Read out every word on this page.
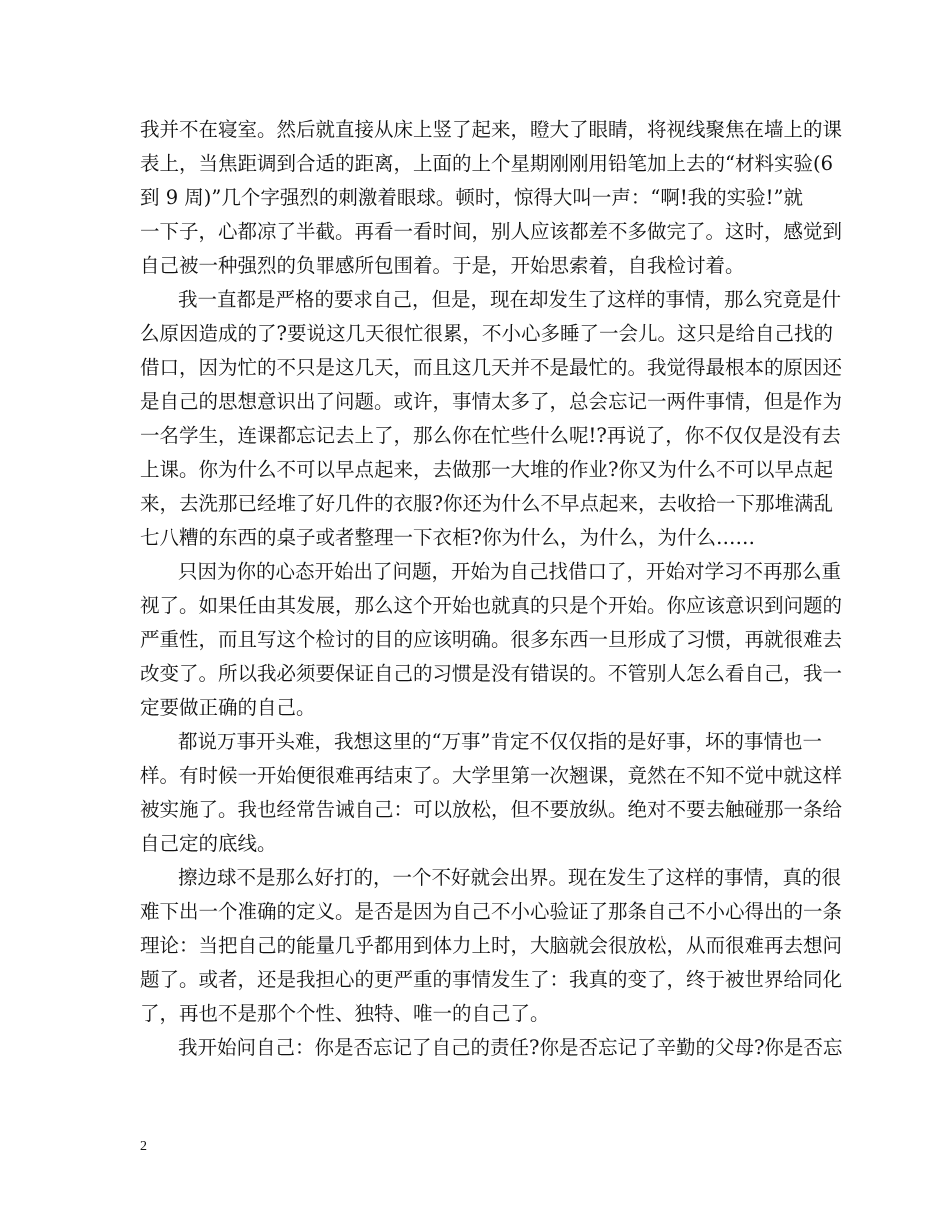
我并不在寝室。然后就直接从床上竖了起来，瞪大了眼睛，将视线聚焦在墙上的课

表上，当焦距调到合适的距离，上面的上个星期刚刚用铅笔加上去的“材料实验(6

到 9 周)”几个字强烈的刺激着眼球。顿时，惊得大叫一声：“啊!我的实验!”就

一下子，心都凉了半截。再看一看时间，别人应该都差不多做完了。这时，感觉到

自己被一种强烈的负罪感所包围着。于是，开始思索着，自我检讨着。

我一直都是严格的要求自己，但是，现在却发生了这样的事情，那么究竟是什

么原因造成的了?要说这几天很忙很累，不小心多睡了一会儿。这只是给自己找的

借口，因为忙的不只是这几天，而且这几天并不是最忙的。我觉得最根本的原因还

是自己的思想意识出了问题。或许，事情太多了，总会忘记一两件事情，但是作为

一名学生，连课都忘记去上了，那么你在忙些什么呢!?再说了，你不仅仅是没有去

上课。你为什么不可以早点起来，去做那一大堆的作业?你又为什么不可以早点起

来，去洗那已经堆了好几件的衣服?你还为什么不早点起来，去收拾一下那堆满乱

七八糟的东西的桌子或者整理一下衣柜?你为什么，为什么，为什么……

只因为你的心态开始出了问题，开始为自己找借口了，开始对学习不再那么重

视了。如果任由其发展，那么这个开始也就真的只是个开始。你应该意识到问题的

严重性，而且写这个检讨的目的应该明确。很多东西一旦形成了习惯，再就很难去

改变了。所以我必须要保证自己的习惯是没有错误的。不管别人怎么看自己，我一

定要做正确的自己。

都说万事开头难，我想这里的“万事”肯定不仅仅指的是好事，坏的事情也一

样。有时候一开始便很难再结束了。大学里第一次翘课，竟然在不知不觉中就这样

被实施了。我也经常告诫自己：可以放松，但不要放纵。绝对不要去触碰那一条给

自己定的底线。

擦边球不是那么好打的，一个不好就会出界。现在发生了这样的事情，真的很

难下出一个准确的定义。是否是因为自己不小心验证了那条自己不小心得出的一条

理论：当把自己的能量几乎都用到体力上时，大脑就会很放松，从而很难再去想问

题了。或者，还是我担心的更严重的事情发生了：我真的变了，终于被世界给同化

了，再也不是那个个性、独特、唯一的自己了。

我开始问自己：你是否忘记了自己的责任?你是否忘记了辛勤的父母?你是否忘

2
